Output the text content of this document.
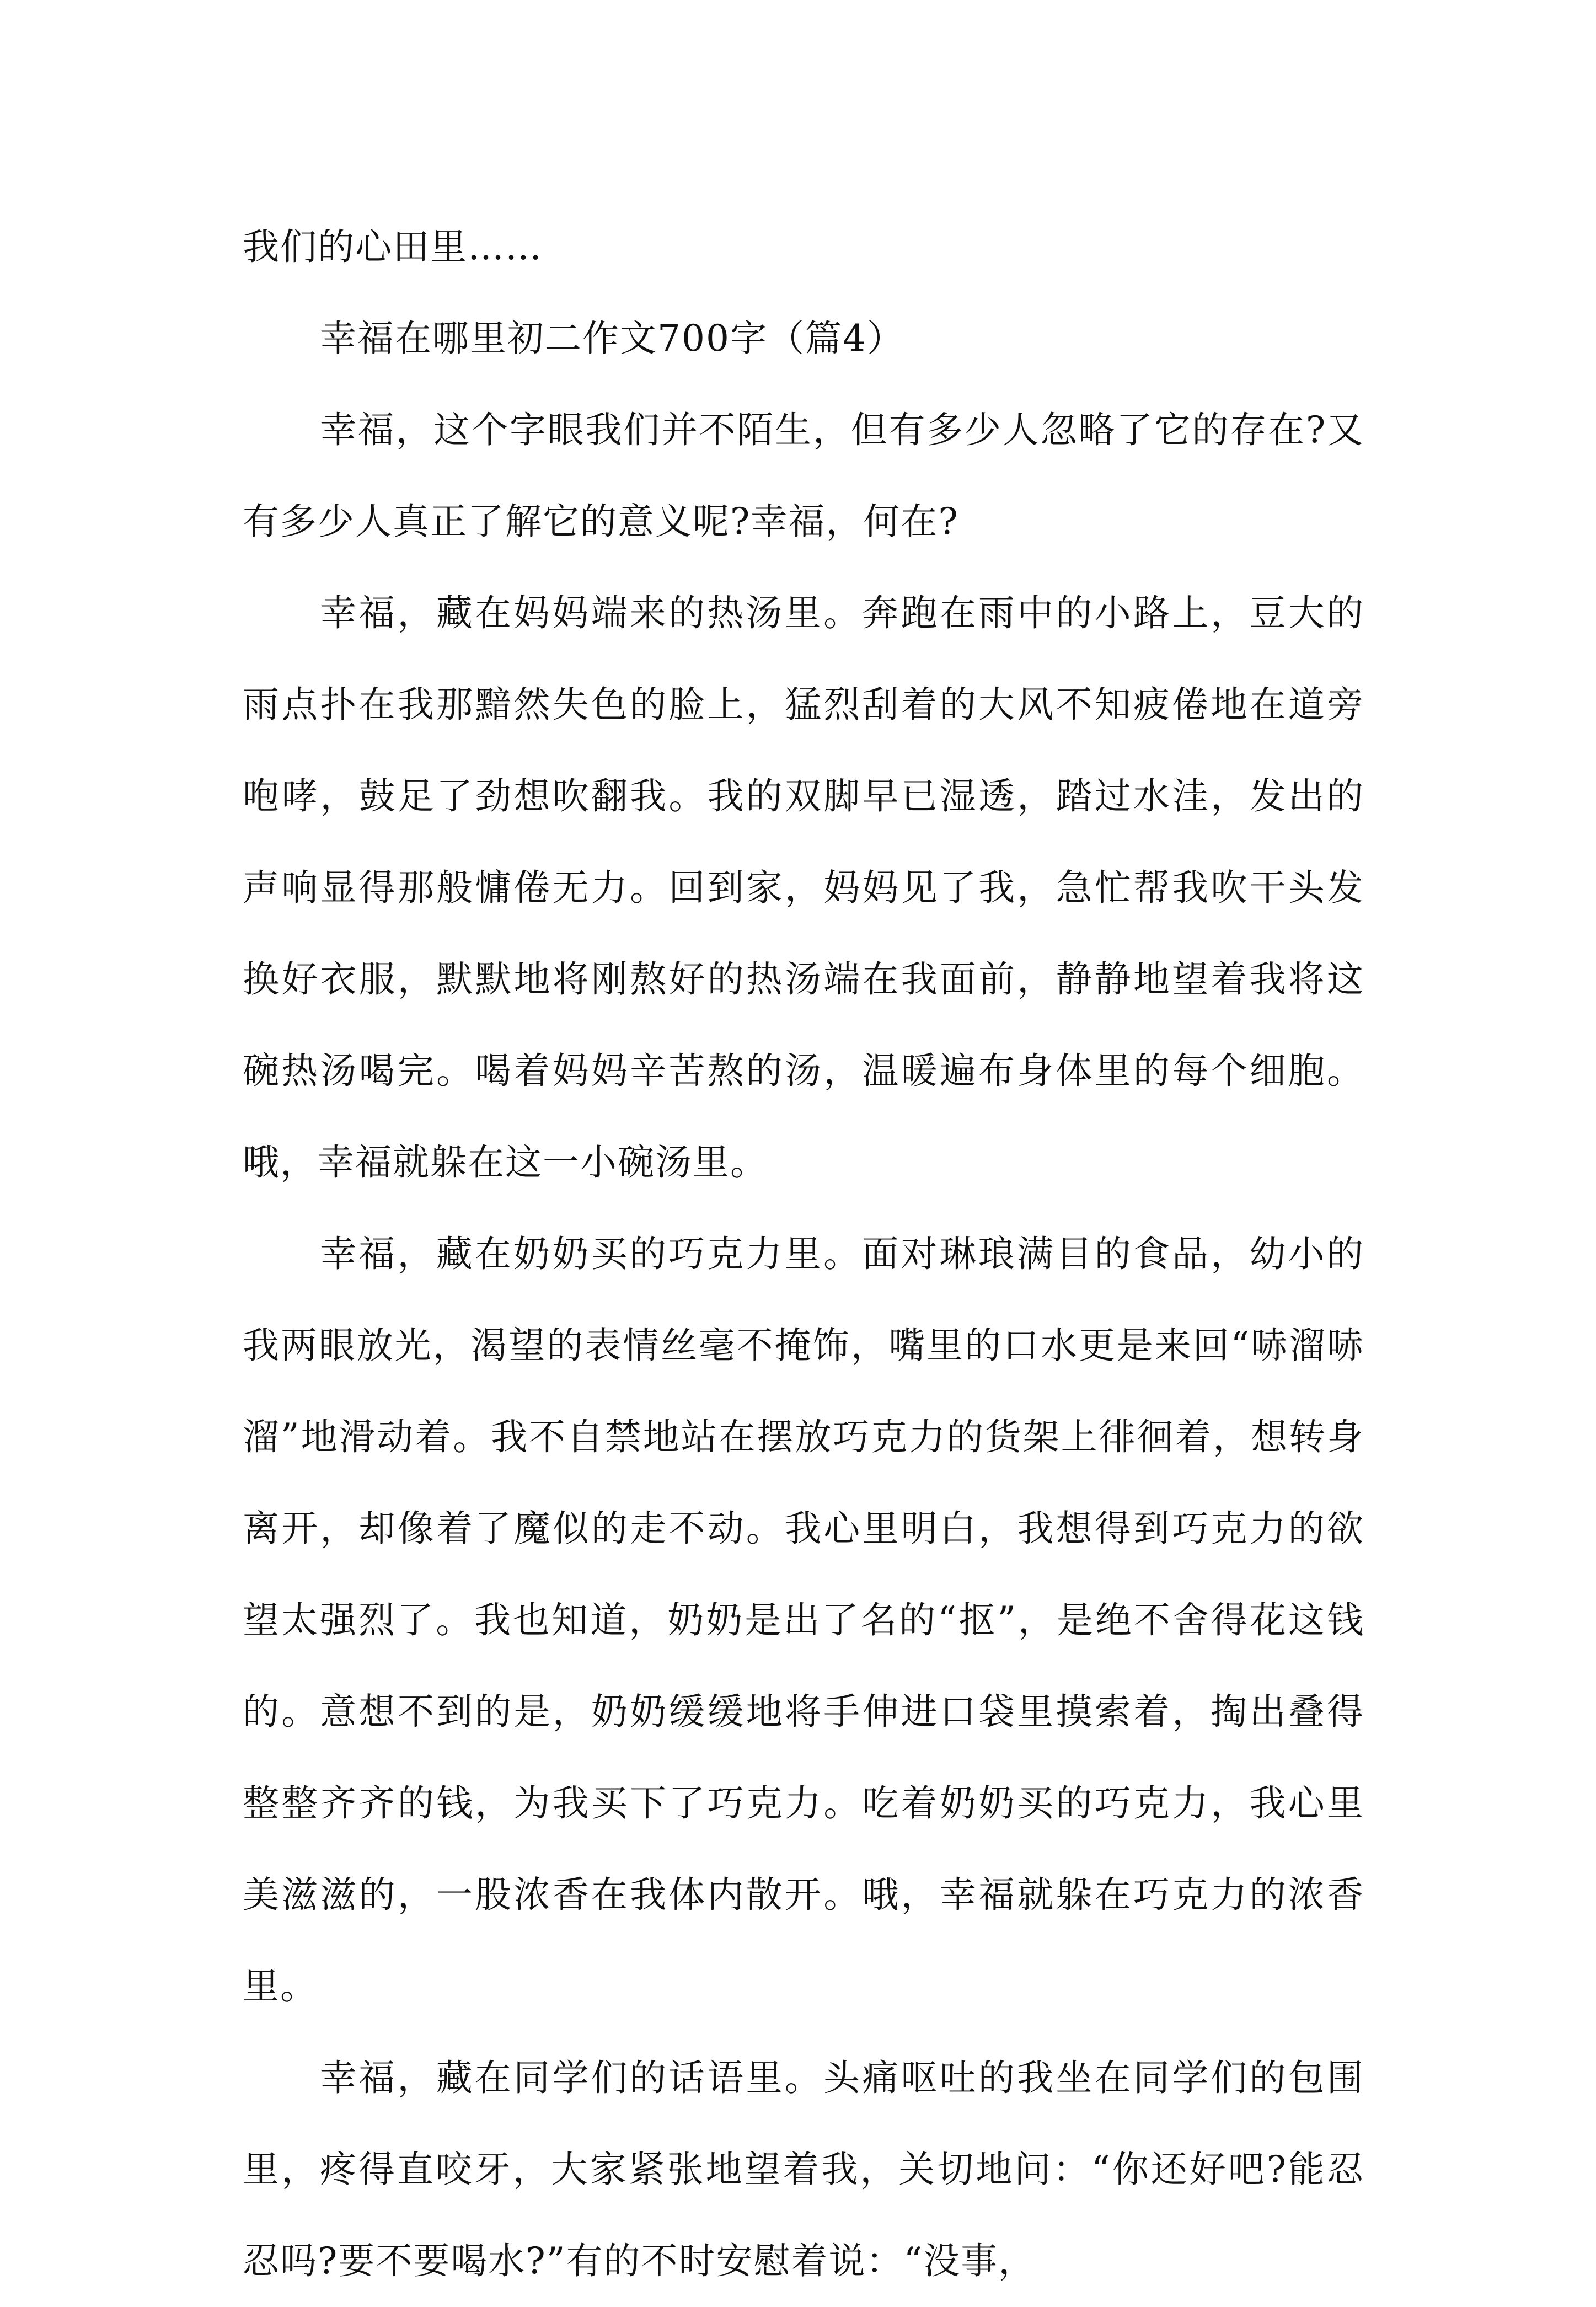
我们的心田里……

幸福在哪里初二作文700字（篇4）

幸福，这个字眼我们并不陌生，但有多少人忽略了它的存在?又有多少人真正了解它的意义呢?幸福，何在?

幸福，藏在妈妈端来的热汤里。奔跑在雨中的小路上，豆大的雨点扑在我那黯然失色的脸上，猛烈刮着的大风不知疲倦地在道旁咆哮，鼓足了劲想吹翻我。我的双脚早已湿透，踏过水洼，发出的声响显得那般慵倦无力。回到家，妈妈见了我，急忙帮我吹干头发换好衣服，默默地将刚熬好的热汤端在我面前，静静地望着我将这碗热汤喝完。喝着妈妈辛苦熬的汤，温暖遍布身体里的每个细胞。哦，幸福就躲在这一小碗汤里。

幸福，藏在奶奶买的巧克力里。面对琳琅满目的食品，幼小的我两眼放光，渴望的表情丝毫不掩饰，嘴里的口水更是来回“哧溜哧溜”地滑动着。我不自禁地站在摆放巧克力的货架上徘徊着，想转身离开，却像着了魔似的走不动。我心里明白，我想得到巧克力的欲望太强烈了。我也知道，奶奶是出了名的“抠”，是绝不舍得花这钱的。意想不到的是，奶奶缓缓地将手伸进口袋里摸索着，掏出叠得整整齐齐的钱，为我买下了巧克力。吃着奶奶买的巧克力，我心里美滋滋的，一股浓香在我体内散开。哦，幸福就躲在巧克力的浓香里。

幸福，藏在同学们的话语里。头痛呕吐的我坐在同学们的包围里，疼得直咬牙，大家紧张地望着我，关切地问：“你还好吧?能忍忍吗?要不要喝水?”有的不时安慰着说：“没事，
